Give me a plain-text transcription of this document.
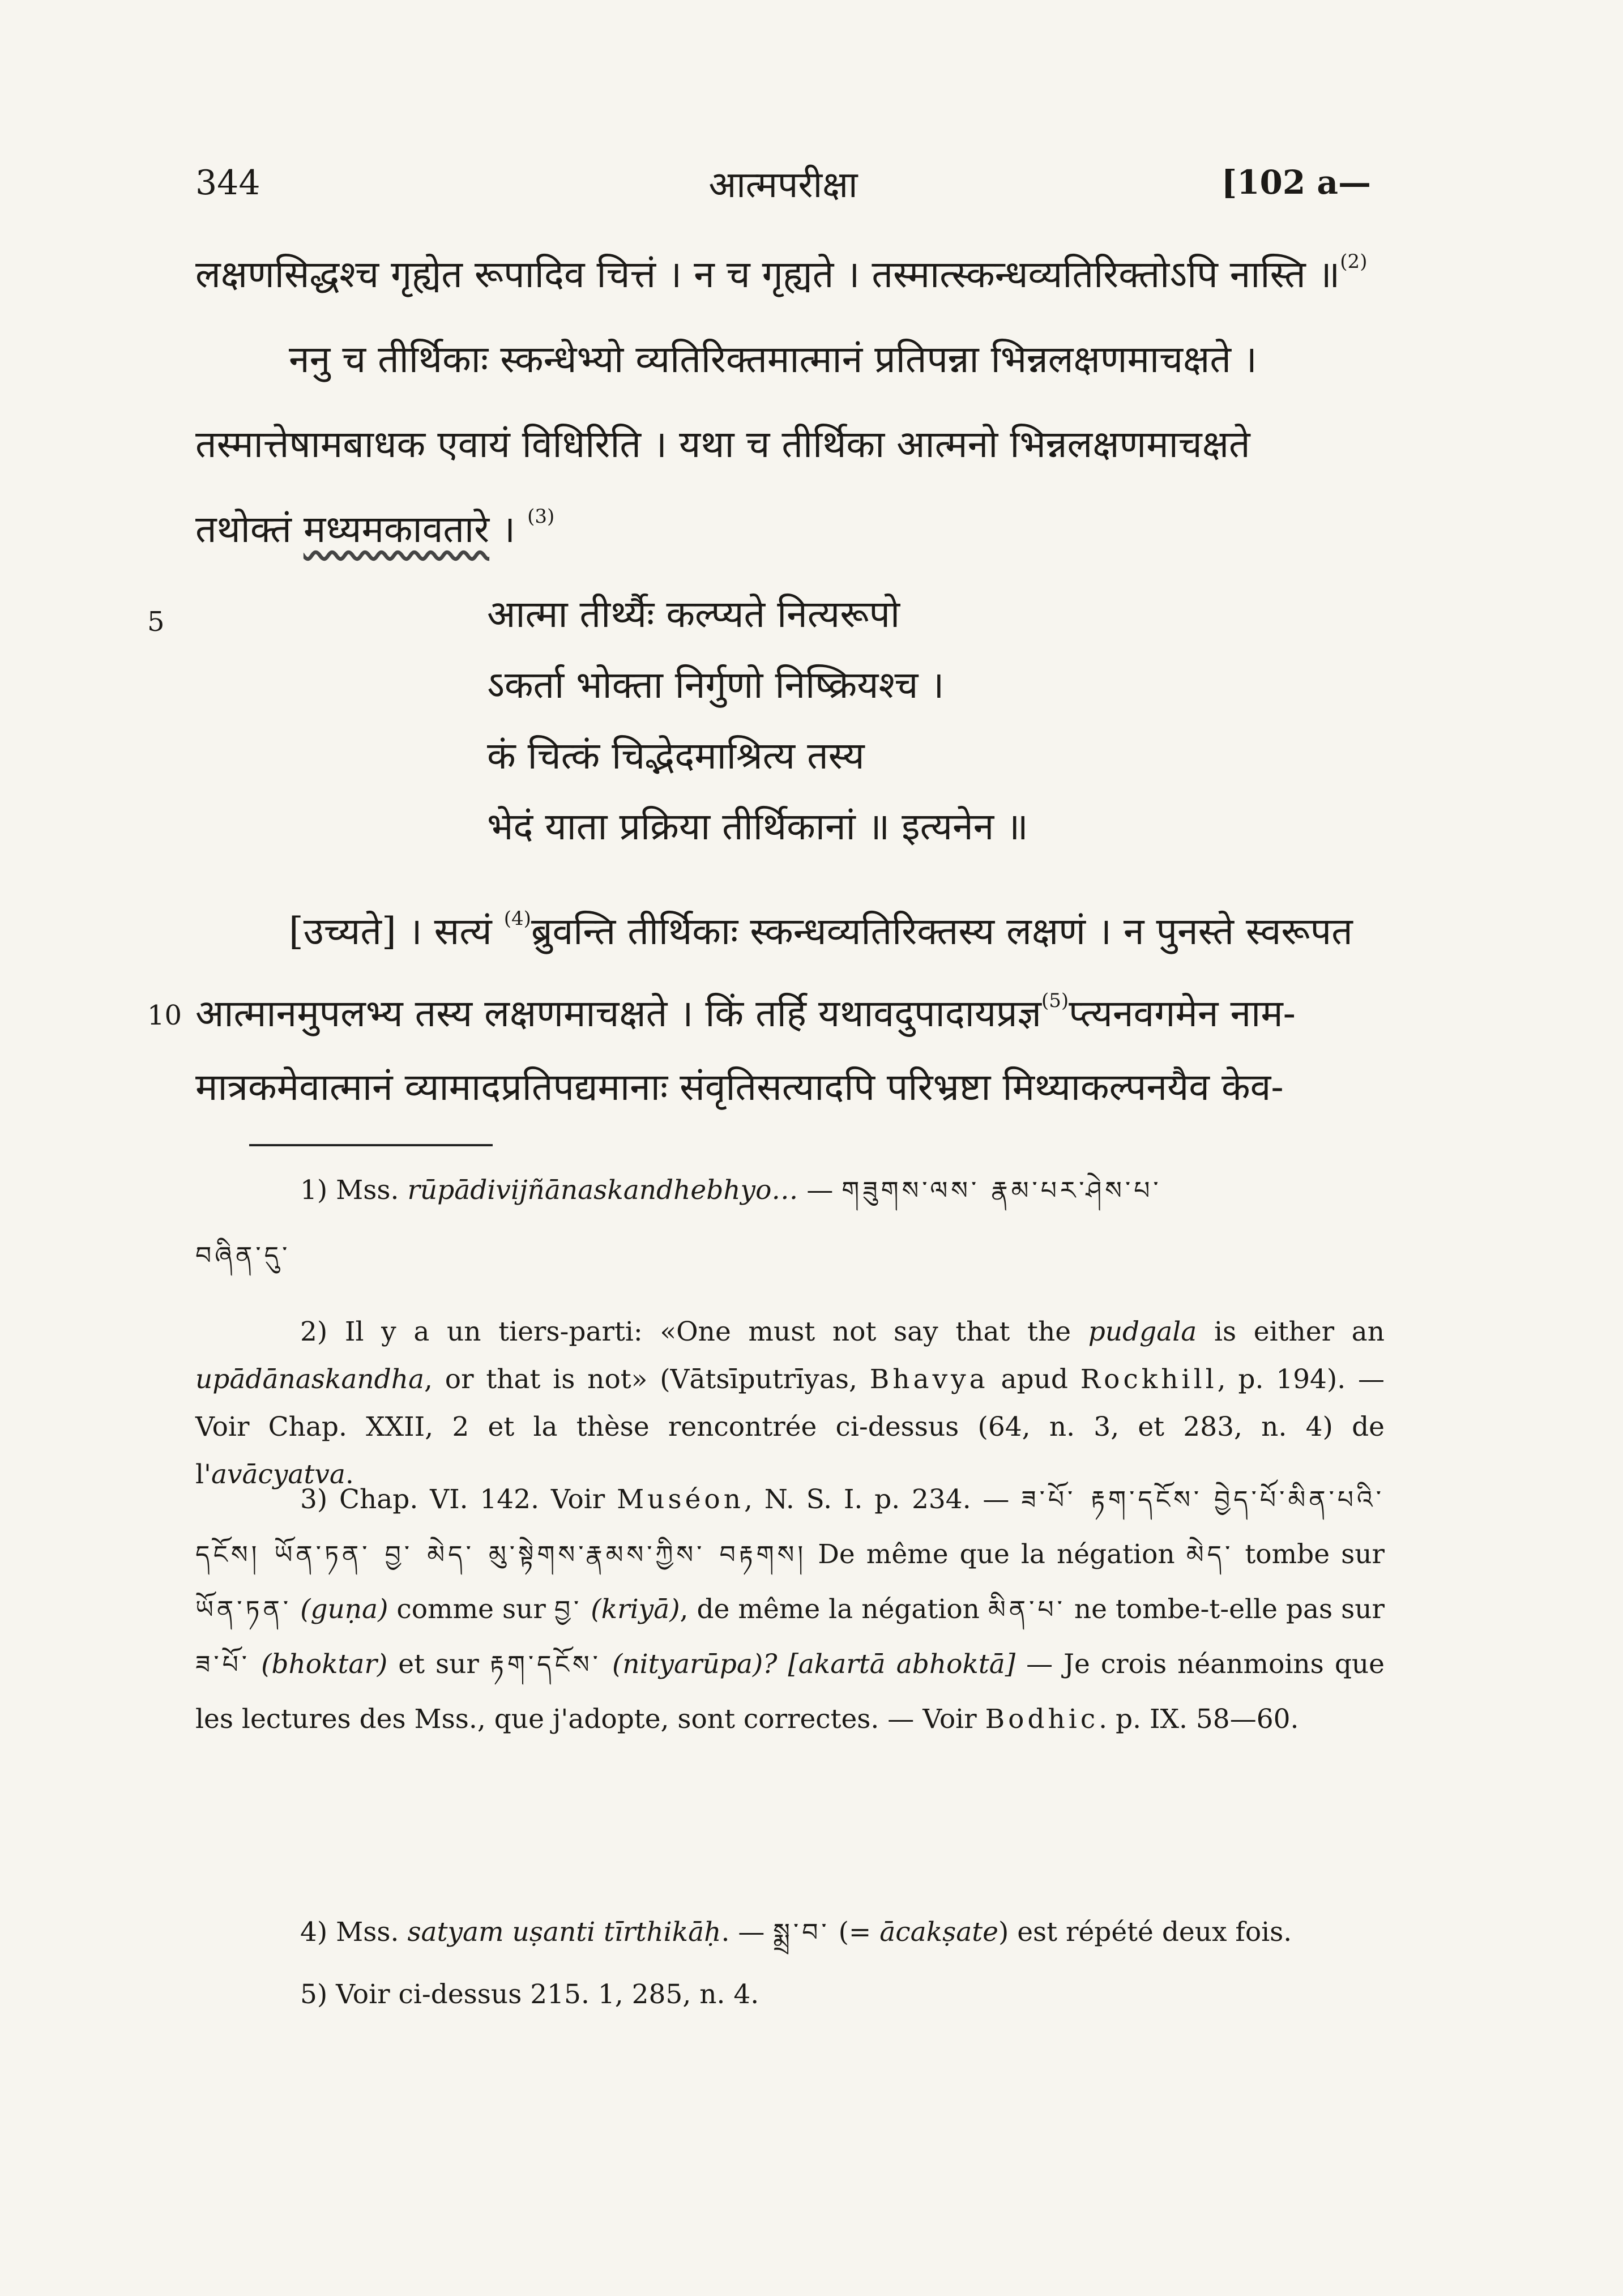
344	आत्मपरीक्षा	[102 a—
लक्षणसिद्धश्च गृह्येत रूपादिव चित्तं । न च गृह्यते । तस्मात्स्कन्धव्यतिरिक्तोऽपि नास्ति ॥$^{(2)}$
ननु च तीर्थिकाः स्कन्धेभ्यो व्यतिरिक्तमात्मानं प्रतिपन्ना भिन्नलक्षणमाचक्षते ।
तस्मात्तेषामबाधक एवायं विधिरिति । यथा च तीर्थिका आत्मनो भिन्नलक्षणमाचक्षते
तथोक्तं मध्यमकावतारे । $^{(3)}$
5	आत्मा तीर्थ्यैः कल्प्यते नित्यरूपो
ऽकर्ता भोक्ता निर्गुणो निष्क्रियश्च ।
कं चित्कं चिद्भेदमाश्रित्य तस्य
भेदं याता प्रक्रिया तीर्थिकानां ॥ इत्यनेन ॥
[उच्यते] । सत्यं $^{(4)}$ब्रुवन्ति तीर्थिकाः स्कन्धव्यतिरिक्तस्य लक्षणं । न पुनस्ते स्वरूपत
10 आत्मानमुपलभ्य तस्य लक्षणमाचक्षते । किं तर्हि यथावदुपादायप्रज्ञ$^{(5)}$प्त्यनवगमेन नाम-
मात्रकमेवात्मानं व्यामादप्रतिपद्यमानाः संवृतिसत्यादपि परिभ्रष्टा मिथ्याकल्पनयैव केव-

1) Mss. rūpādivijñānaskandhebhyo… — གཟུགས་ལས་ རྣམ་པར་ཤེས་པ་

བཞིན་དུ་

2) Il y a un tiers-parti: «One must not say that the pudgala is either an upādānaskandha, or that is not» (Vātsīputrīyas, Bhavya apud Rockhill, p. 194). — Voir Chap. XXII, 2 et la thèse rencontrée ci-dessus (64, n. 3, et 283, n. 4) de l'avācyatva.

3) Chap. VI. 142. Voir Muséon, N. S. I. p. 234. — ཟ་པོ་ རྟག་དངོས་ བྱེད་པོ་མིན་པའི་ དངོས། ཡོན་ཏན་ བྱ་ མེད་ མུ་སྟེགས་རྣམས་ཀྱིས་ བརྟགས། De même que la négation མེད་ tombe sur ཡོན་ཏན་ (guṇa) comme sur བྱ་ (kriyā), de même la négation མིན་པ་ ne tombe-t-elle pas sur ཟ་པོ་ (bhoktar) et sur རྟག་དངོས་ (nityarūpa)? [akartā abhoktā] — Je crois néanmoins que les lectures des Mss., que j'adopte, sont correctes. — Voir Bodhic. p. IX. 58—60.

4) Mss. satyam uṣanti tīrthikāḥ. — སྨྲ་བ་ (= ācakṣate) est répété deux fois.

5) Voir ci-dessus 215. 1, 285, n. 4.
